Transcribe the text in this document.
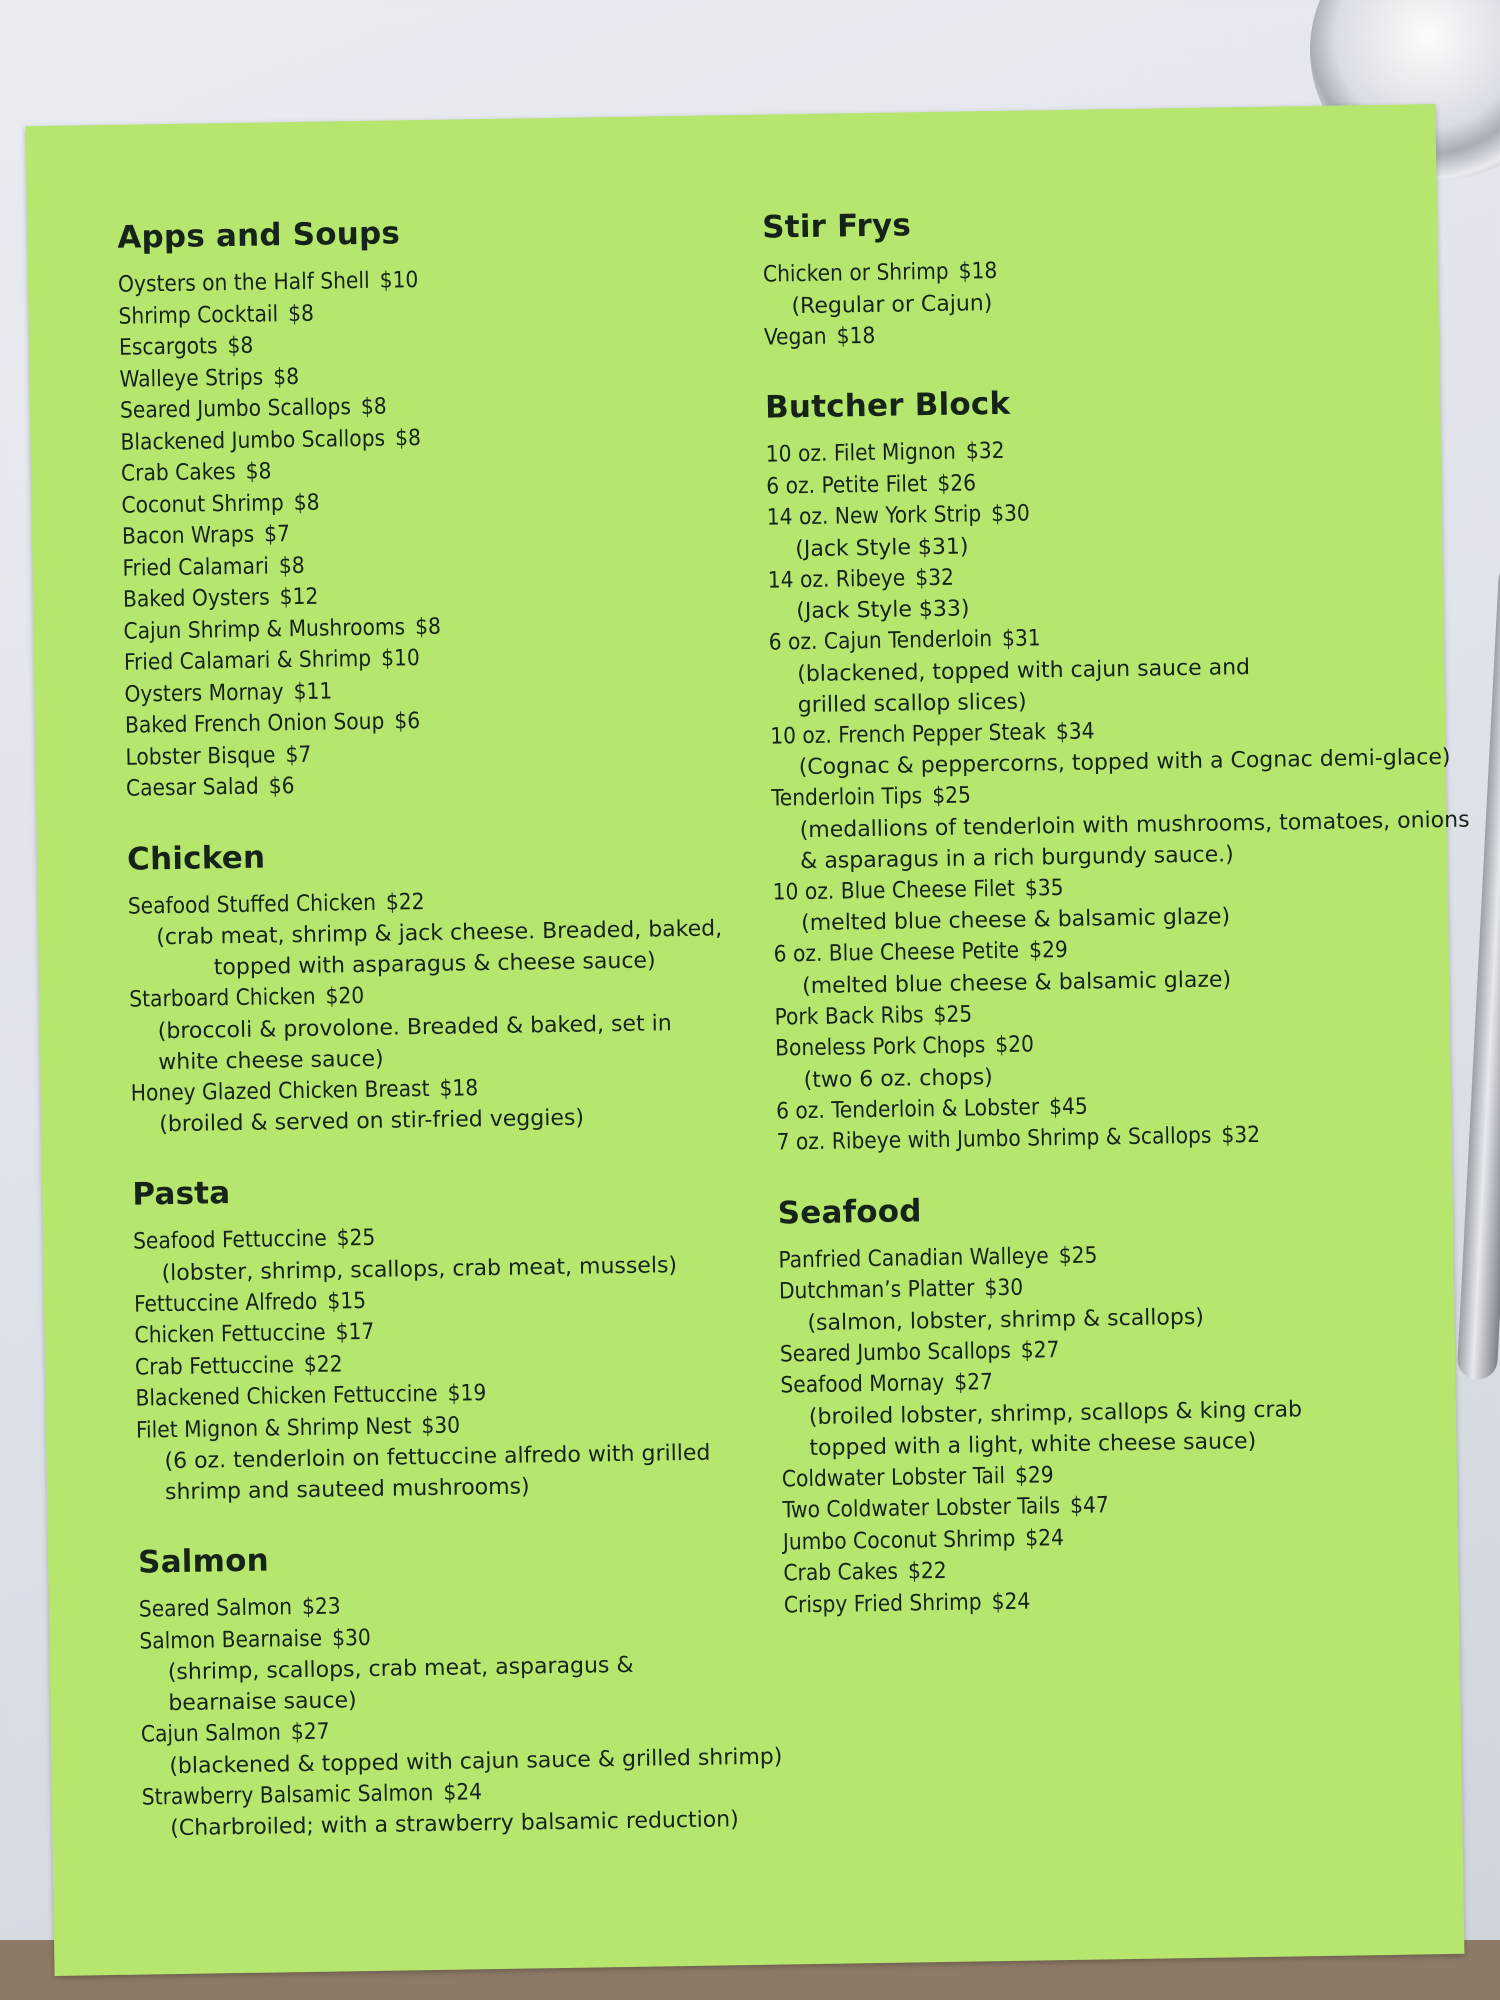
Apps and Soups
Oysters on the Half Shell $10
Shrimp Cocktail $8
Escargots $8
Walleye Strips $8
Seared Jumbo Scallops $8
Blackened Jumbo Scallops $8
Crab Cakes $8
Coconut Shrimp $8
Bacon Wraps $7
Fried Calamari $8
Baked Oysters $12
Cajun Shrimp & Mushrooms $8
Fried Calamari & Shrimp $10
Oysters Mornay $11
Baked French Onion Soup $6
Lobster Bisque $7
Caesar Salad $6
Chicken
Seafood Stuffed Chicken $22
(crab meat, shrimp & jack cheese. Breaded, baked,
topped with asparagus & cheese sauce)
Starboard Chicken $20
(broccoli & provolone. Breaded & baked, set in
white cheese sauce)
Honey Glazed Chicken Breast $18
(broiled & served on stir-fried veggies)
Pasta
Seafood Fettuccine $25
(lobster, shrimp, scallops, crab meat, mussels)
Fettuccine Alfredo $15
Chicken Fettuccine $17
Crab Fettuccine $22
Blackened Chicken Fettuccine $19
Filet Mignon & Shrimp Nest $30
(6 oz. tenderloin on fettuccine alfredo with grilled
shrimp and sauteed mushrooms)
Salmon
Seared Salmon $23
Salmon Bearnaise $30
(shrimp, scallops, crab meat, asparagus &
bearnaise sauce)
Cajun Salmon $27
(blackened & topped with cajun sauce & grilled shrimp)
Strawberry Balsamic Salmon $24
(Charbroiled; with a strawberry balsamic reduction)
Stir Frys
Chicken or Shrimp $18
(Regular or Cajun)
Vegan $18
Butcher Block
10 oz. Filet Mignon $32
6 oz. Petite Filet $26
14 oz. New York Strip $30
(Jack Style $31)
14 oz. Ribeye $32
(Jack Style $33)
6 oz. Cajun Tenderloin $31
(blackened, topped with cajun sauce and
grilled scallop slices)
10 oz. French Pepper Steak $34
(Cognac & peppercorns, topped with a Cognac demi-glace)
Tenderloin Tips $25
(medallions of tenderloin with mushrooms, tomatoes, onions
& asparagus in a rich burgundy sauce.)
10 oz. Blue Cheese Filet $35
(melted blue cheese & balsamic glaze)
6 oz. Blue Cheese Petite $29
(melted blue cheese & balsamic glaze)
Pork Back Ribs $25
Boneless Pork Chops $20
(two 6 oz. chops)
6 oz. Tenderloin & Lobster $45
7 oz. Ribeye with Jumbo Shrimp & Scallops $32
Seafood
Panfried Canadian Walleye $25
Dutchman’s Platter $30
(salmon, lobster, shrimp & scallops)
Seared Jumbo Scallops $27
Seafood Mornay $27
(broiled lobster, shrimp, scallops & king crab
topped with a light, white cheese sauce)
Coldwater Lobster Tail $29
Two Coldwater Lobster Tails $47
Jumbo Coconut Shrimp $24
Crab Cakes $22
Crispy Fried Shrimp $24
